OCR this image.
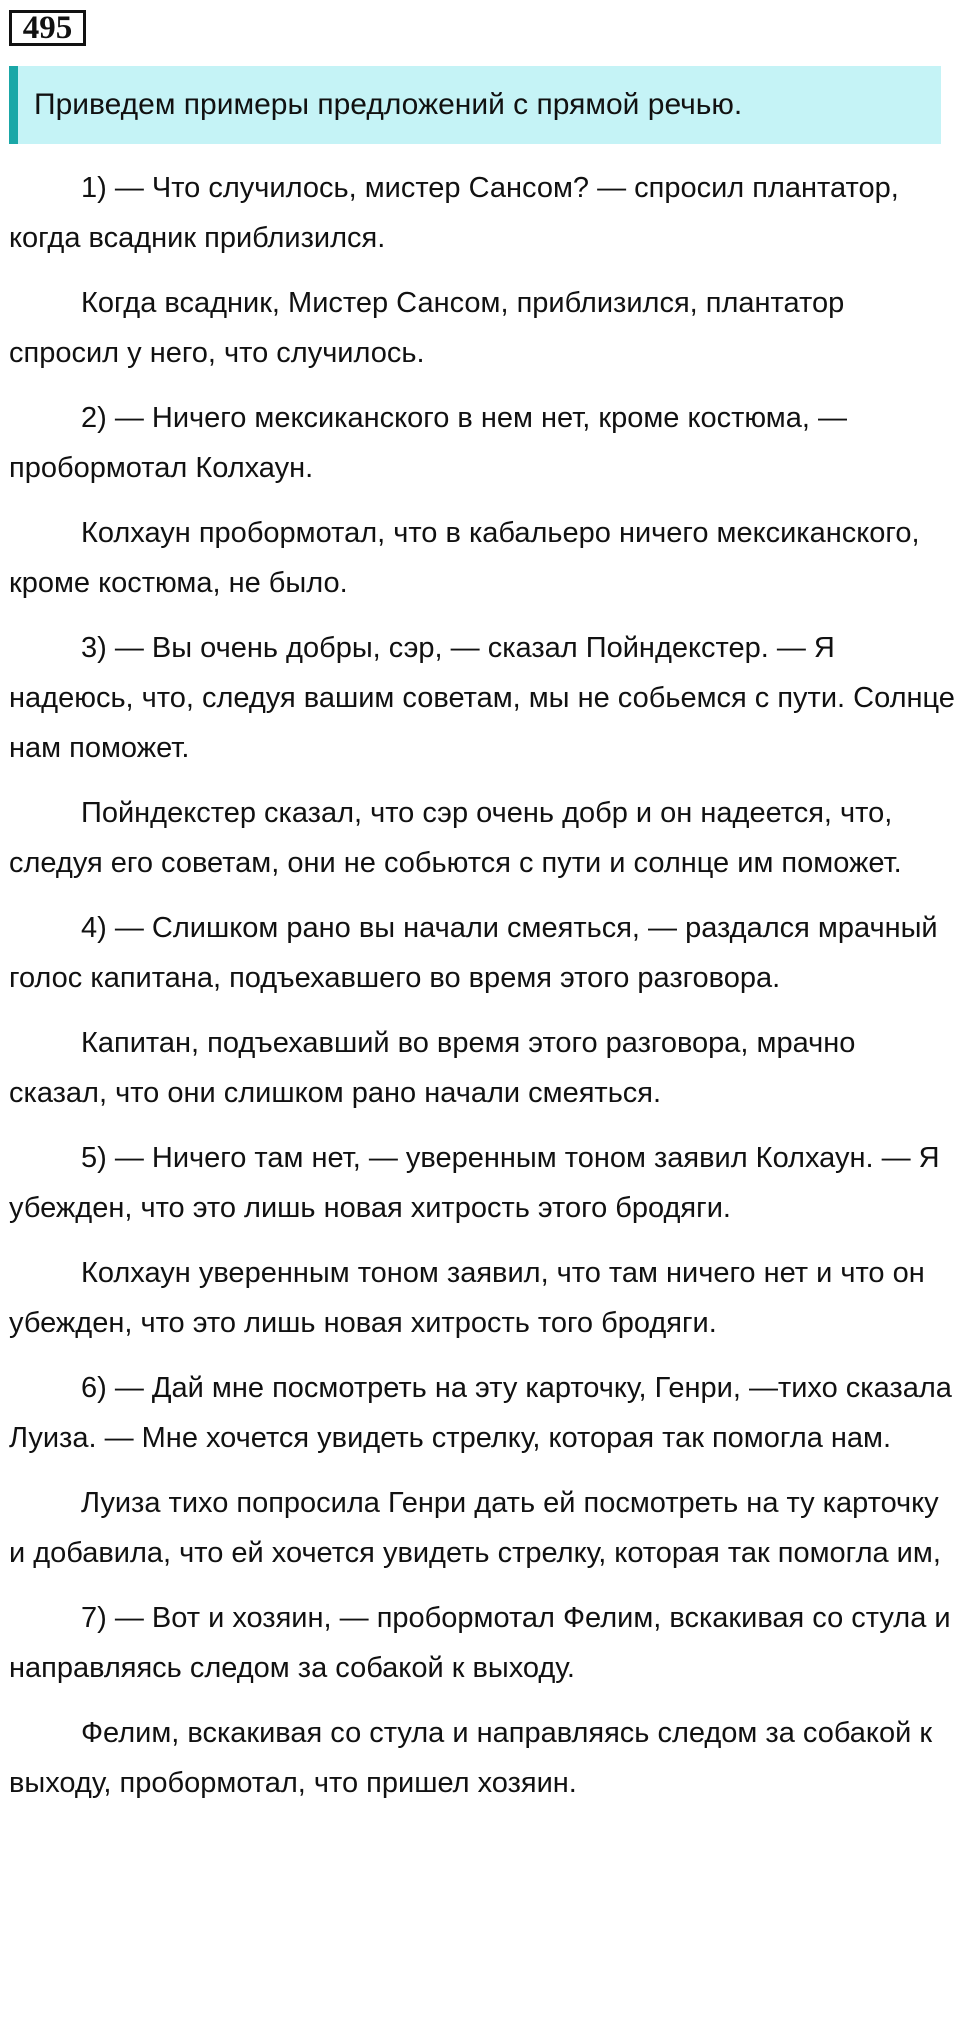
495
Приведем примеры предложений с прямой речью.

1) — Что случилось, мистер Сансом? — спросил плантатор, когда всадник приблизился.

Когда всадник, Мистер Сансом, приблизился, плантатор спросил у него, что случилось.

2) — Ничего мексиканского в нем нет, кроме костюма, — пробормотал Колхаун.

Колхаун пробормотал, что в кабальеро ничего мексиканского, кроме костюма, не было.

3) — Вы очень добры, сэр, — сказал Пойндекстер. — Я надеюсь, что, следуя вашим советам, мы не собьемся с пути. Солнце нам поможет.

Пойндекстер сказал, что сэр очень добр и он надеется, что, следуя его советам, они не собьются с пути и солнце им поможет.

4) — Слишком рано вы начали смеяться, — раздался мрачный голос капитана, подъехавшего во время этого разговора.

Капитан, подъехавший во время этого разговора, мрачно сказал, что они слишком рано начали смеяться.

5) — Ничего там нет, — уверенным тоном заявил Колхаун. — Я убежден, что это лишь новая хитрость этого бродяги.

Колхаун уверенным тоном заявил, что там ничего нет и что он убежден, что это лишь новая хитрость того бродяги.

6) — Дай мне посмотреть на эту карточку, Генри, —тихо сказала Луиза. — Мне хочется увидеть стрелку, которая так помогла нам.

Луиза тихо попросила Генри дать ей посмотреть на ту карточку и добавила, что ей хочется увидеть стрелку, которая так помогла им,

7) — Вот и хозяин, — пробормотал Фелим, вскакивая со стула и направляясь следом за собакой к выходу.

Фелим, вскакивая со стула и направляясь следом за собакой к выходу, пробормотал, что пришел хозяин.
